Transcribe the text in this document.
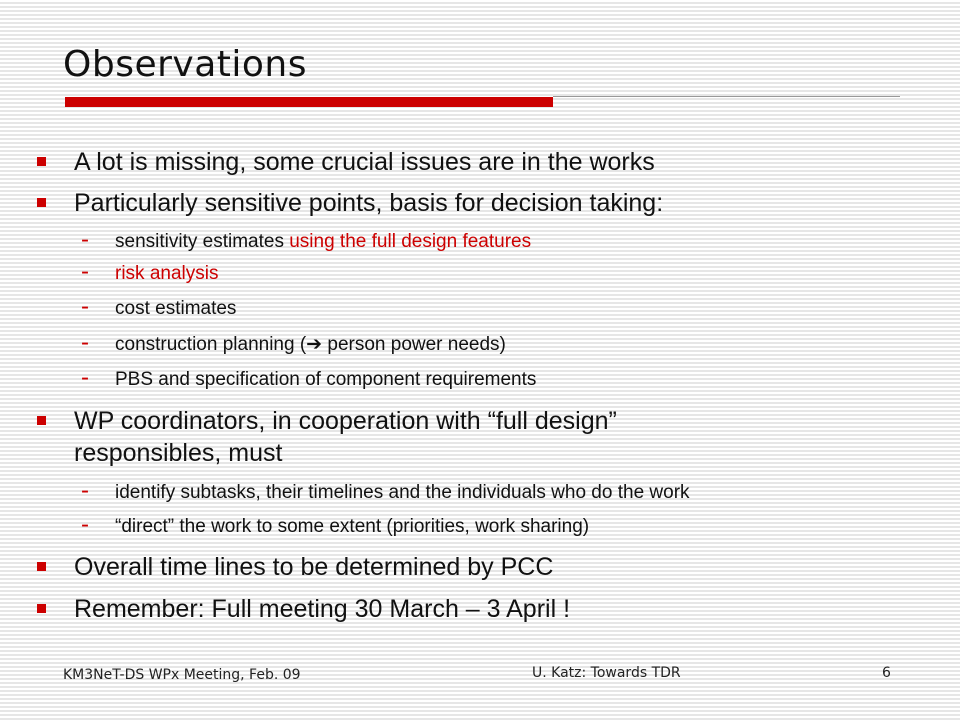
Observations
A lot is missing, some crucial issues are in the works
Particularly sensitive points, basis for decision taking:
- sensitivity estimates using the full design features
- risk analysis
- cost estimates
- construction planning (➔ person power needs)
- PBS and specification of component requirements
WP coordinators, in cooperation with “full design”
responsibles, must
- identify subtasks, their timelines and the individuals who do the work
- “direct” the work to some extent (priorities, work sharing)
Overall time lines to be determined by PCC
Remember: Full meeting 30 March – 3 April !
KM3NeT-DS WPx Meeting, Feb. 09	U. Katz: Towards TDR	6
